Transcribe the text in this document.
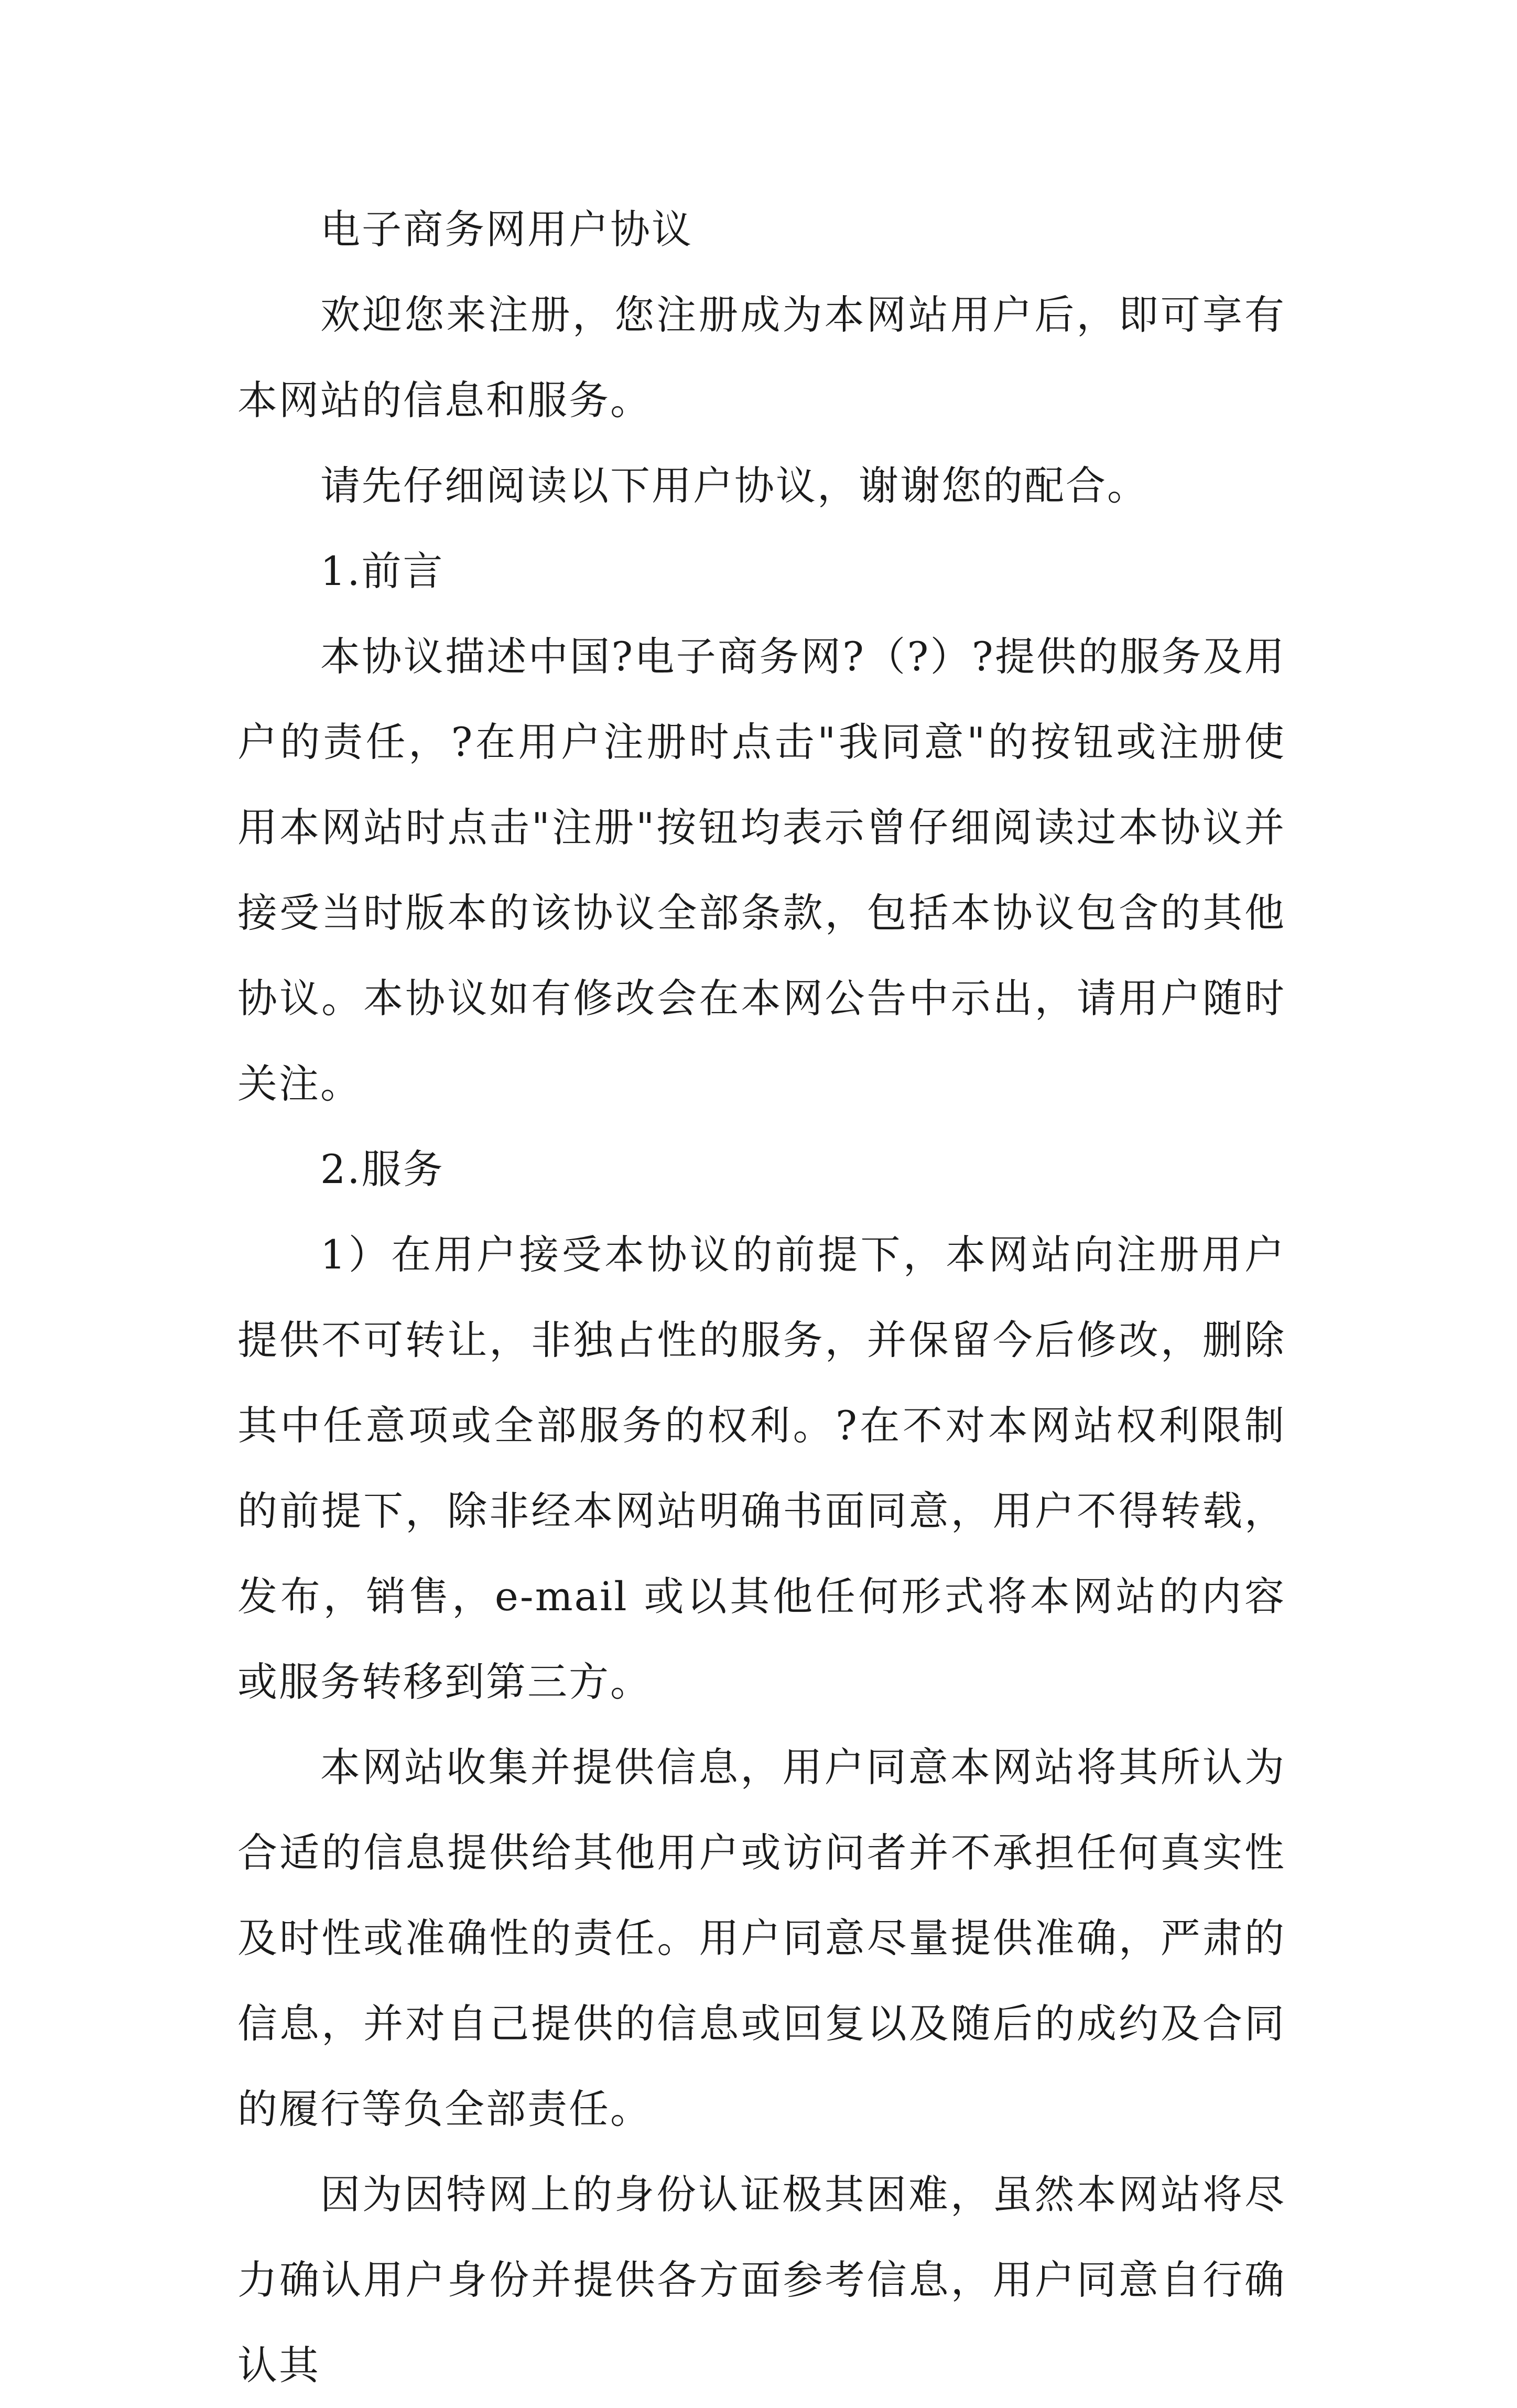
电子商务网用户协议

欢迎您来注册，您注册成为本网站用户后，即可享有本网站的信息和服务。

请先仔细阅读以下用户协议，谢谢您的配合。

1.前言

本协议描述中国?电子商务网?（?）?提供的服务及用户的责任，?在用户注册时点击"我同意"的按钮或注册使用本网站时点击"注册"按钮均表示曾仔细阅读过本协议并接受当时版本的该协议全部条款，包括本协议包含的其他协议。本协议如有修改会在本网公告中示出，请用户随时关注。

2.服务

1）在用户接受本协议的前提下，本网站向注册用户提供不可转让，非独占性的服务，并保留今后修改，删除其中任意项或全部服务的权利。?在不对本网站权利限制的前提下，除非经本网站明确书面同意，用户不得转载，发布，销售，e-mail 或以其他任何形式将本网站的内容或服务转移到第三方。

本网站收集并提供信息，用户同意本网站将其所认为合适的信息提供给其他用户或访问者并不承担任何真实性及时性或准确性的责任。用户同意尽量提供准确，严肃的信息，并对自己提供的信息或回复以及随后的成约及合同的履行等负全部责任。

因为因特网上的身份认证极其困难，虽然本网站将尽力确认用户身份并提供各方面参考信息，用户同意自行确认其
